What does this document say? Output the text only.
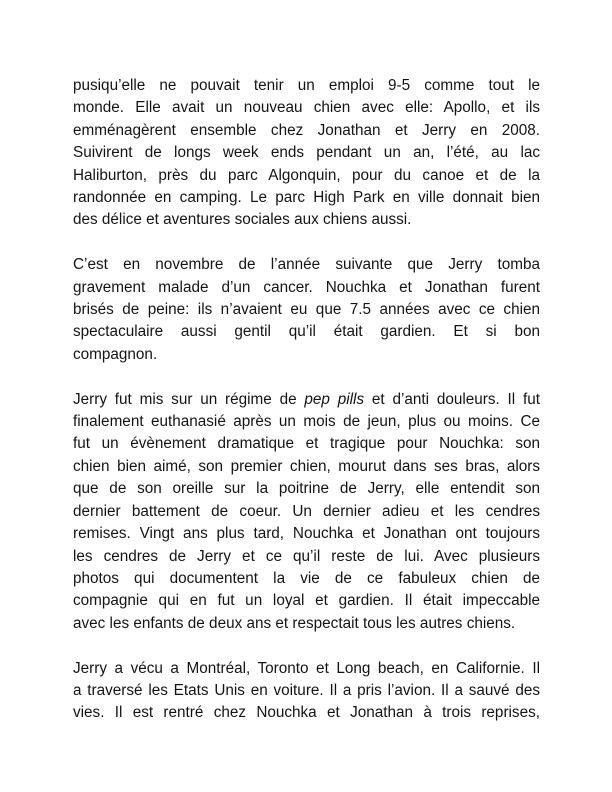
pusiqu’elle ne pouvait tenir un emploi 9-5 comme tout le
monde. Elle avait un nouveau chien avec elle: Apollo, et ils
emménagèrent ensemble chez Jonathan et Jerry en 2008.
Suivirent de longs week ends pendant un an, l’été, au lac
Haliburton, près du parc Algonquin, pour du canoe et de la
randonnée en camping. Le parc High Park en ville donnait bien
des délice et aventures sociales aux chiens aussi.

C’est en novembre de l’année suivante que Jerry tomba
gravement malade d’un cancer. Nouchka et Jonathan furent
brisés de peine: ils n’avaient eu que 7.5 années avec ce chien
spectaculaire aussi gentil qu’il était gardien. Et si bon
compagnon.

Jerry fut mis sur un régime de pep pills et d’anti douleurs. Il fut
finalement euthanasié après un mois de jeun, plus ou moins. Ce
fut un évènement dramatique et tragique pour Nouchka: son
chien bien aimé, son premier chien, mourut dans ses bras, alors
que de son oreille sur la poitrine de Jerry, elle entendit son
dernier battement de coeur. Un dernier adieu et les cendres
remises. Vingt ans plus tard, Nouchka et Jonathan ont toujours
les cendres de Jerry et ce qu’il reste de lui. Avec plusieurs
photos qui documentent la vie de ce fabuleux chien de
compagnie qui en fut un loyal et gardien. Il était impeccable
avec les enfants de deux ans et respectait tous les autres chiens.

Jerry a vécu a Montréal, Toronto et Long beach, en Californie. Il
a traversé les Etats Unis en voiture. Il a pris l’avion. Il a sauvé des
vies. Il est rentré chez Nouchka et Jonathan à trois reprises,
